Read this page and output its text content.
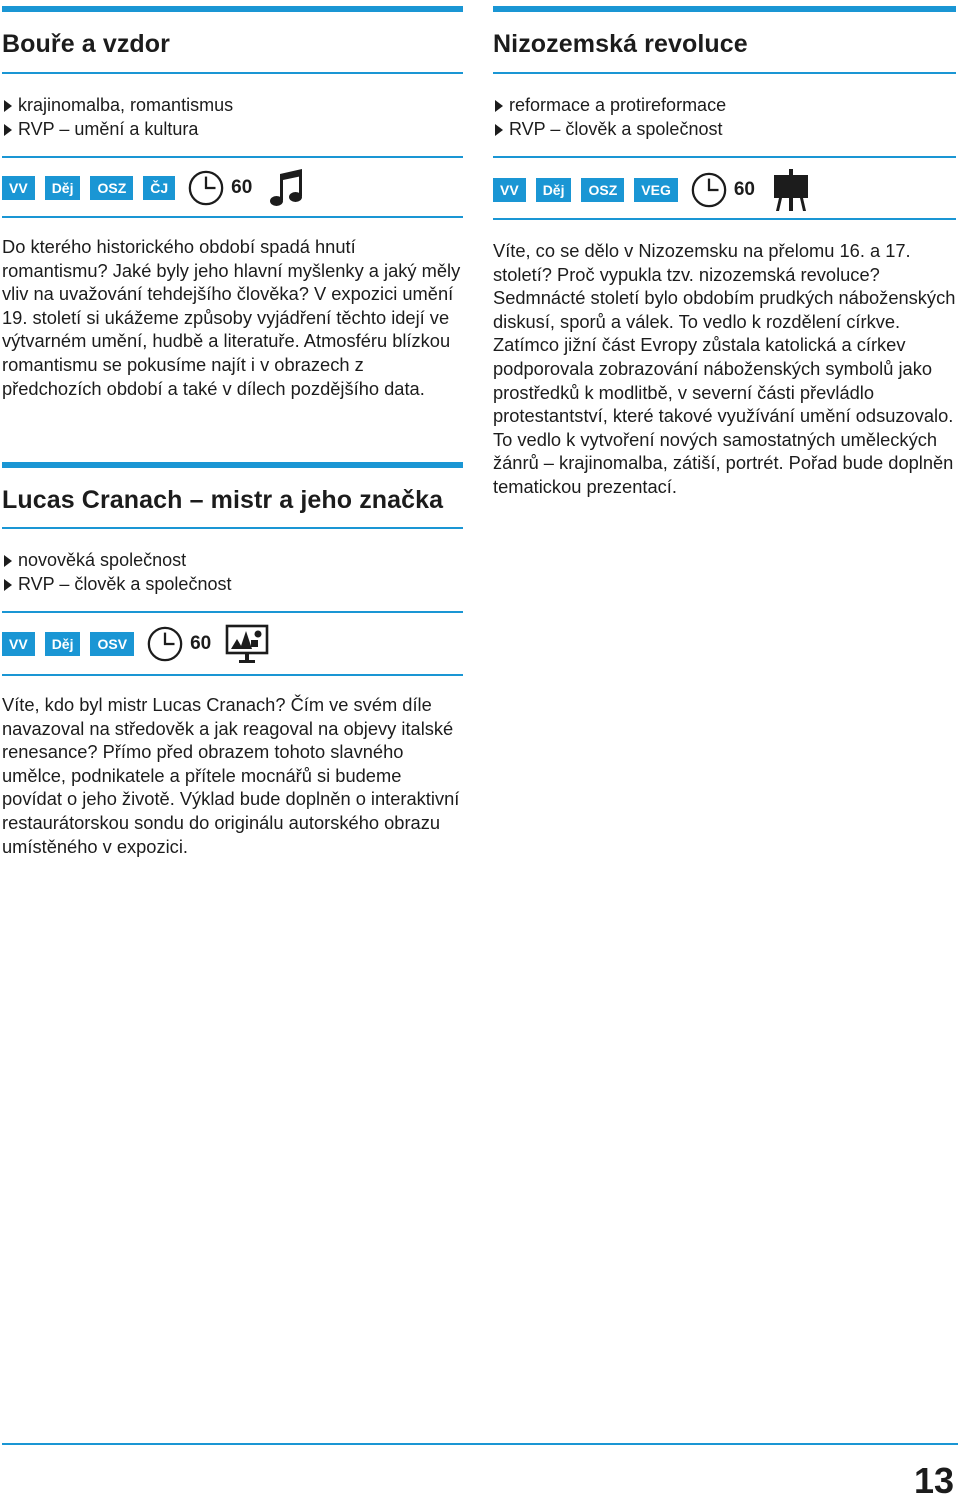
Bouře a vzdor
krajinomalba, romantismus
RVP – umění a kultura
VV	Děj	OSZ	ČJ	60

Do kterého historického období spadá hnutí romantismu? Jaké byly jeho hlavní myšlenky a jaký měly vliv na uvažování tehdejšího člověka? V expozici umění 19. století si ukážeme způsoby vyjádření těchto idejí ve výtvarném umění, hudbě a literatuře. Atmosféru blízkou romantismu se pokusíme najít i v obrazech z předchozích období a také v dílech pozdějšího data.

Lucas Cranach – mistr a jeho značka
novověká společnost
RVP – člověk a společnost
VV	Děj	OSV	60

Víte, kdo byl mistr Lucas Cranach? Čím ve svém díle navazoval na středověk a jak reagoval na objevy italské renesance? Přímo před obrazem tohoto slavného umělce, podnikatele a přítele mocnářů si budeme povídat o jeho životě. Výklad bude doplněn o interaktivní restaurátorskou sondu do originálu autorského obrazu umístěného v expozici.

Nizozemská revoluce
reformace a protireformace
RVP – člověk a společnost
VV	Děj	OSZ	VEG	60

Víte, co se dělo v Nizozemsku na přelomu 16. a 17. století? Proč vypukla tzv. nizozemská revoluce? Sedmnácté století bylo obdobím prudkých náboženských diskusí, sporů a válek. To vedlo k rozdělení církve. Zatímco jižní část Evropy zůstala katolická a církev podporovala zobrazování náboženských symbolů jako prostředků k modlitbě, v severní části převládlo protestantství, které takové využívání umění odsuzovalo. To vedlo k vytvoření nových samostatných uměleckých žánrů – krajinomalba, zátiší, portrét. Pořad bude doplněn tematickou prezentací.

13
